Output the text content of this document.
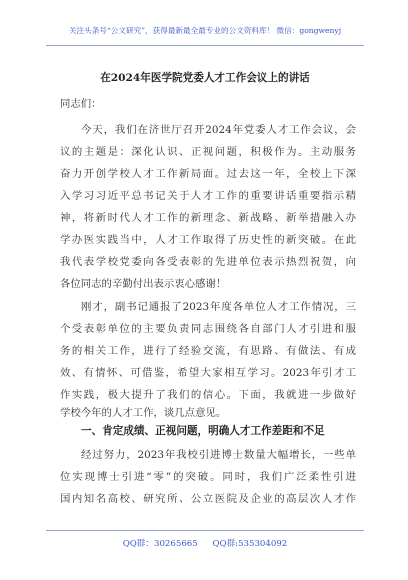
关注头条号“公文研究”，获得最新最全最专业的公文资料库！ 微信：gongwenyj
在2024年医学院党委人才工作会议上的讲话
同志们：
今天，我们在济世厅召开2024年党委人才工作会议，会
议的主题是：深化认识、正视问题，积极作为。主动服务
奋力开创学校人才工作新局面。过去这一年，全校上下深
入学习习近平总书记关于人才工作的重要讲话重要指示精
神，将新时代人才工作的新理念、新战略、新举措融入办
学办医实践当中，人才工作取得了历史性的新突破。在此
我代表学校党委向各受表彰的先进单位表示热烈祝贺，向
各位同志的辛勤付出表示衷心感谢！
刚才，副书记通报了2023年度各单位人才工作情况，三
个受表彰单位的主要负责同志围绕各自部门人才引进和服
务的相关工作，进行了经验交流，有思路、有做法、有成
效、有情怀、可借鉴，希望大家相互学习。2023年引才工
作实践，极大提升了我们的信心。下面，我就进一步做好
一、肯定成绩、正视问题，明确人才工作差距和不足
经过努力，2023年我校引进博士数量大幅增长，一些单
位实现博士引进“零”的突破。同时，我们广泛柔性引进
国内知名高校、研究所、公立医院及企业的高层次人才作
QQ群：30265665 QQ群:535304092
学校今年的人才工作，谈几点意见。
